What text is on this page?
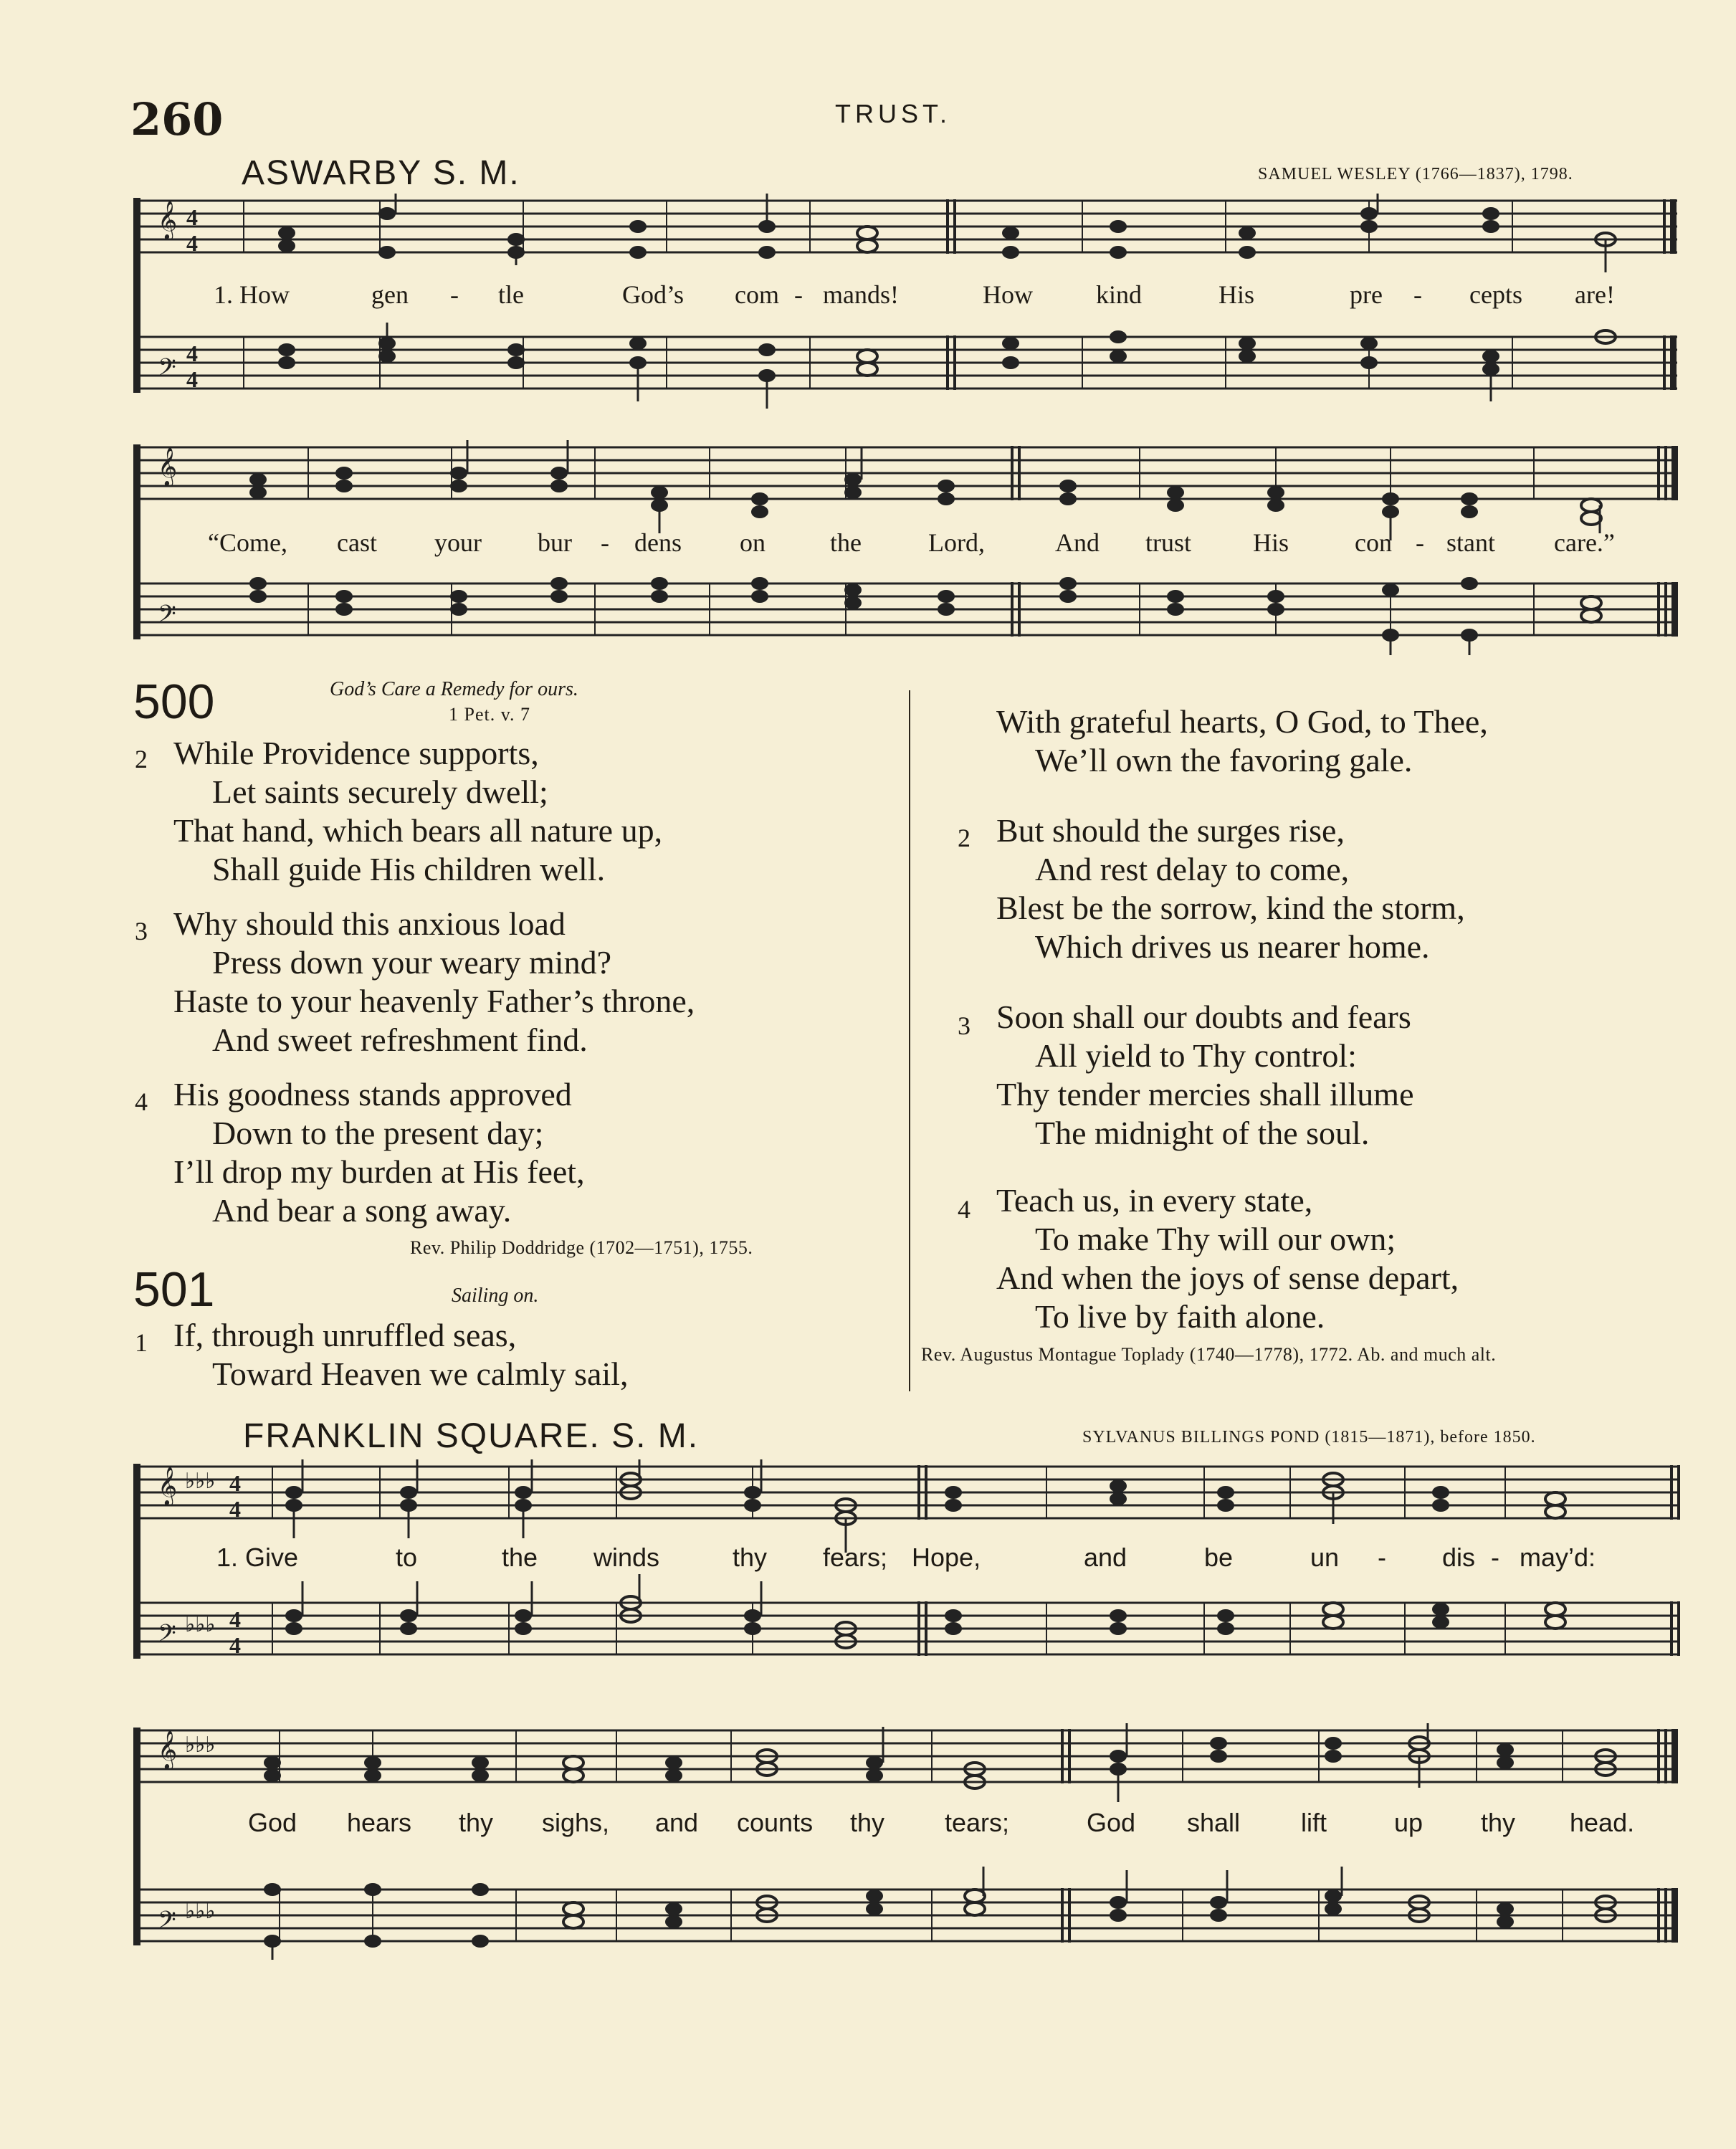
260	TRUST.
ASWARBY S. M.	SAMUEL WESLEY (1766—1837), 1798.
𝄞 4
4
𝄢
4
4
1. How	gen - tle	God’s com - mands!	How kind	His	pre - cepts are!
𝄞
𝄢
“Come, cast your bur - dens on	the	Lord,	And trust His	con - stant care.”
500	God’s Care a Remedy for ours.
1 Pet. v. 7
2 While Providence supports,
Let saints securely dwell;
That hand, which bears all nature up,
Shall guide His children well.
3 Why should this anxious load
Press down your weary mind?
Haste to your heavenly Father’s throne,
And sweet refreshment find.
4 His goodness stands approved
Down to the present day;
I’ll drop my burden at His feet,
And bear a song away.
Rev. Philip Doddridge (1702—1751), 1755.
501	Sailing on.
1 If, through unruffled seas,
Toward Heaven we calmly sail,
With grateful hearts, O God, to Thee,
We’ll own the favoring gale.
2 But should the surges rise,
And rest delay to come,
Blest be the sorrow, kind the storm,
Which drives us nearer home.
3 Soon shall our doubts and fears
All yield to Thy control:
Thy tender mercies shall illume
The midnight of the soul.
4 Teach us, in every state,
To make Thy will our own;
And when the joys of sense depart,
To live by faith alone.
Rev. Augustus Montague Toplady (1740—1778), 1772. Ab. and much alt.
FRANKLIN SQUARE. S. M.	SYLVANUS BILLINGS POND (1815—1871), before 1850.
𝄞 ♭♭♭ 4
4
𝄢 ♭♭♭ 4
4
1. Give	to	the winds	thy fears; Hope,	and	be	un - dis - may’d:
𝄞 ♭♭♭
𝄢 ♭♭♭
God hears thy sighs, and counts thy tears;	God shall lift	up thy head.
